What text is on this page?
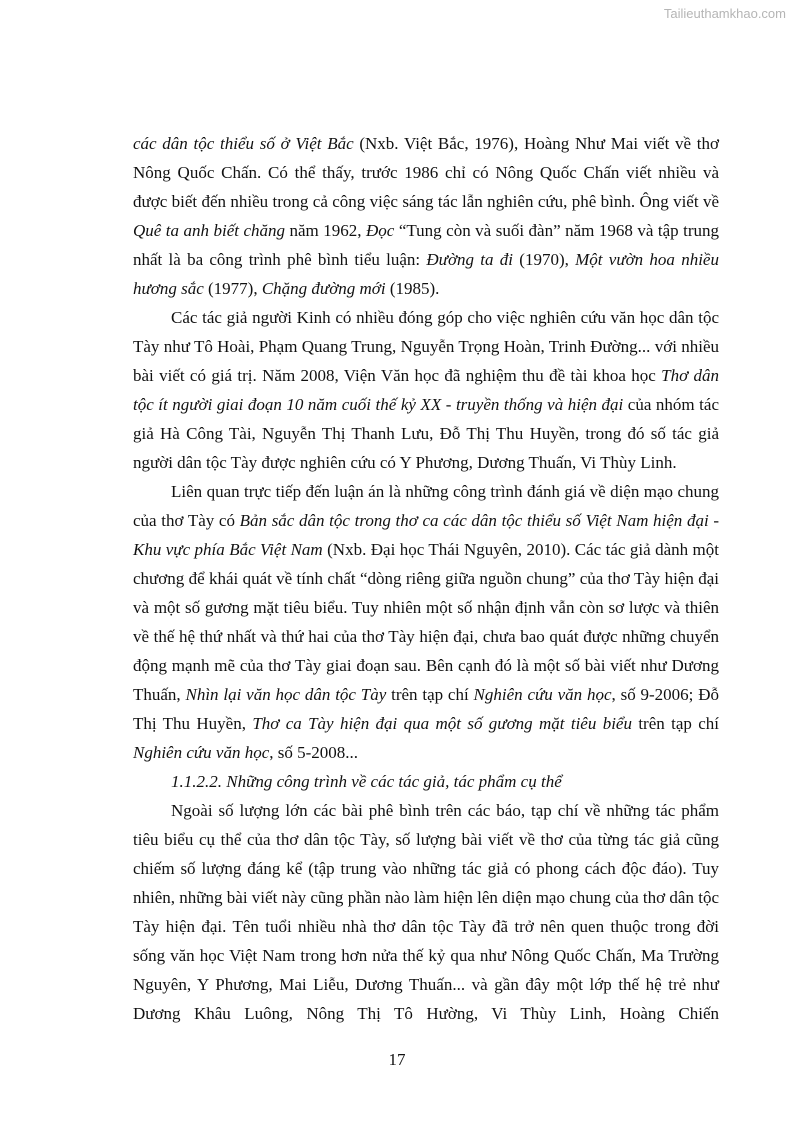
Tailieuthamkhao.com

các dân tộc thiểu số ở Việt Bắc (Nxb. Việt Bắc, 1976), Hoàng Như Mai viết về thơ Nông Quốc Chấn. Có thể thấy, trước 1986 chỉ có Nông Quốc Chấn viết nhiều và được biết đến nhiều trong cả công việc sáng tác lẫn nghiên cứu, phê bình. Ông viết về Quê ta anh biết chăng năm 1962, Đọc “Tung còn và suối đàn” năm 1968 và tập trung nhất là ba công trình phê bình tiểu luận: Đường ta đi (1970), Một vườn hoa nhiều hương sắc (1977), Chặng đường mới (1985).

Các tác giả người Kinh có nhiều đóng góp cho việc nghiên cứu văn học dân tộc Tày như Tô Hoài, Phạm Quang Trung, Nguyễn Trọng Hoàn, Trinh Đường... với nhiều bài viết có giá trị. Năm 2008, Viện Văn học đã nghiệm thu đề tài khoa học Thơ dân tộc ít người giai đoạn 10 năm cuối thế kỷ XX - truyền thống và hiện đại của nhóm tác giả Hà Công Tài, Nguyễn Thị Thanh Lưu, Đỗ Thị Thu Huyền, trong đó số tác giả người dân tộc Tày được nghiên cứu có Y Phương, Dương Thuấn, Vi Thùy Linh.

Liên quan trực tiếp đến luận án là những công trình đánh giá về diện mạo chung của thơ Tày có Bản sắc dân tộc trong thơ ca các dân tộc thiểu số Việt Nam hiện đại - Khu vực phía Bắc Việt Nam (Nxb. Đại học Thái Nguyên, 2010). Các tác giả dành một chương để khái quát về tính chất “dòng riêng giữa nguồn chung” của thơ Tày hiện đại và một số gương mặt tiêu biểu. Tuy nhiên một số nhận định vẫn còn sơ lược và thiên về thế hệ thứ nhất và thứ hai của thơ Tày hiện đại, chưa bao quát được những chuyển động mạnh mẽ của thơ Tày giai đoạn sau. Bên cạnh đó là một số bài viết như Dương Thuấn, Nhìn lại văn học dân tộc Tày trên tạp chí Nghiên cứu văn học, số 9-2006; Đỗ Thị Thu Huyền, Thơ ca Tày hiện đại qua một số gương mặt tiêu biểu trên tạp chí Nghiên cứu văn học, số 5-2008...

1.1.2.2. Những công trình về các tác giả, tác phẩm cụ thể

Ngoài số lượng lớn các bài phê bình trên các báo, tạp chí về những tác phẩm tiêu biểu cụ thể của thơ dân tộc Tày, số lượng bài viết về thơ của từng tác giả cũng chiếm số lượng đáng kể (tập trung vào những tác giả có phong cách độc đáo). Tuy nhiên, những bài viết này cũng phần nào làm hiện lên diện mạo chung của thơ dân tộc Tày hiện đại. Tên tuổi nhiều nhà thơ dân tộc Tày đã trở nên quen thuộc trong đời sống văn học Việt Nam trong hơn nửa thế kỷ qua như Nông Quốc Chấn, Ma Trường Nguyên, Y Phương, Mai Liễu, Dương Thuấn... và gần đây một lớp thế hệ trẻ như Dương Khâu Luông, Nông Thị Tô Hường, Vi Thùy Linh, Hoàng Chiến

17
